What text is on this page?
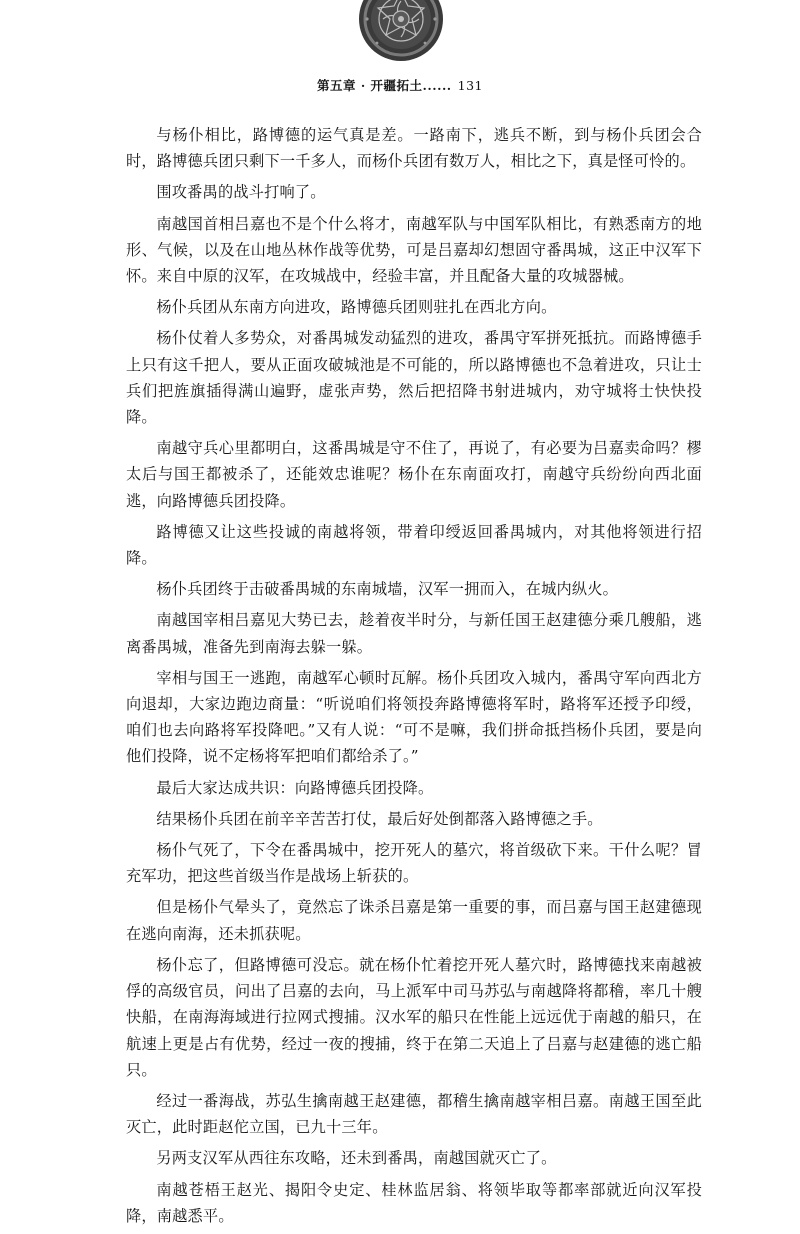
第五章 · 开疆拓土...... 131

与杨仆相比，路博德的运气真是差。一路南下，逃兵不断，到与杨仆兵团会合时，路博德兵团只剩下一千多人，而杨仆兵团有数万人，相比之下，真是怪可怜的。

围攻番禺的战斗打响了。

南越国首相吕嘉也不是个什么将才，南越军队与中国军队相比，有熟悉南方的地形、气候，以及在山地丛林作战等优势，可是吕嘉却幻想固守番禺城，这正中汉军下怀。来自中原的汉军，在攻城战中，经验丰富，并且配备大量的攻城器械。

杨仆兵团从东南方向进攻，路博德兵团则驻扎在西北方向。

杨仆仗着人多势众，对番禺城发动猛烈的进攻，番禺守军拼死抵抗。而路博德手上只有这千把人，要从正面攻破城池是不可能的，所以路博德也不急着进攻，只让士兵们把旌旗插得满山遍野，虚张声势，然后把招降书射进城内，劝守城将士快快投降。

南越守兵心里都明白，这番禺城是守不住了，再说了，有必要为吕嘉卖命吗？樛太后与国王都被杀了，还能效忠谁呢？杨仆在东南面攻打，南越守兵纷纷向西北面逃，向路博德兵团投降。

路博德又让这些投诚的南越将领，带着印绶返回番禺城内，对其他将领进行招降。

杨仆兵团终于击破番禺城的东南城墙，汉军一拥而入，在城内纵火。

南越国宰相吕嘉见大势已去，趁着夜半时分，与新任国王赵建德分乘几艘船，逃离番禺城，准备先到南海去躲一躲。

宰相与国王一逃跑，南越军心顿时瓦解。杨仆兵团攻入城内，番禺守军向西北方向退却，大家边跑边商量：“听说咱们将领投奔路博德将军时，路将军还授予印绶，咱们也去向路将军投降吧。”又有人说：“可不是嘛，我们拼命抵挡杨仆兵团，要是向他们投降，说不定杨将军把咱们都给杀了。”

最后大家达成共识：向路博德兵团投降。

结果杨仆兵团在前辛辛苦苦打仗，最后好处倒都落入路博德之手。

杨仆气死了，下令在番禺城中，挖开死人的墓穴，将首级砍下来。干什么呢？冒充军功，把这些首级当作是战场上斩获的。

但是杨仆气晕头了，竟然忘了诛杀吕嘉是第一重要的事，而吕嘉与国王赵建德现在逃向南海，还未抓获呢。

杨仆忘了，但路博德可没忘。就在杨仆忙着挖开死人墓穴时，路博德找来南越被俘的高级官员，问出了吕嘉的去向，马上派军中司马苏弘与南越降将都稽，率几十艘快船，在南海海域进行拉网式搜捕。汉水军的船只在性能上远远优于南越的船只，在航速上更是占有优势，经过一夜的搜捕，终于在第二天追上了吕嘉与赵建德的逃亡船只。

经过一番海战，苏弘生擒南越王赵建德，都稽生擒南越宰相吕嘉。南越王国至此灭亡，此时距赵佗立国，已九十三年。

另两支汉军从西往东攻略，还未到番禺，南越国就灭亡了。

南越苍梧王赵光、揭阳令史定、桂林监居翁、将领毕取等都率部就近向汉军投降，南越悉平。
